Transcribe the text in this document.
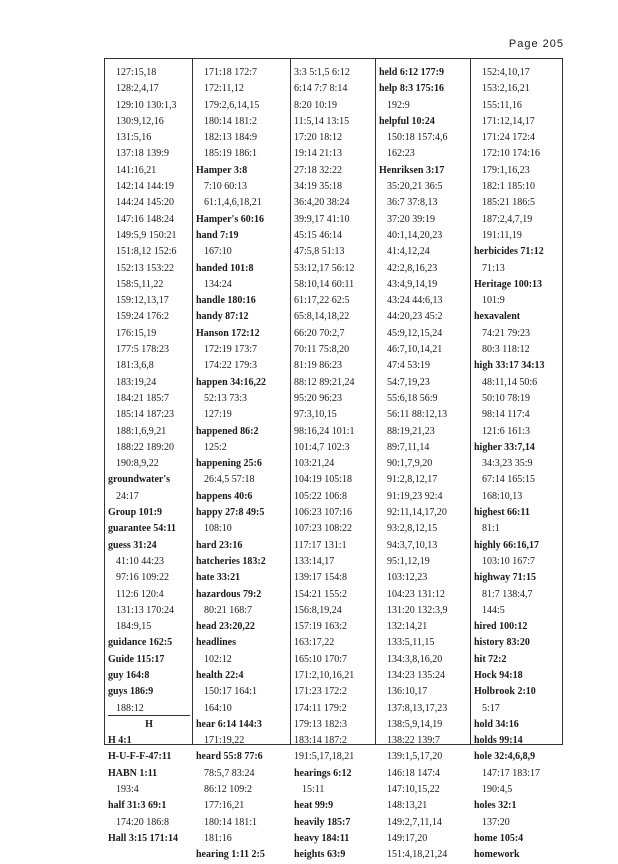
Page 205
127:15,18
128:2,4,17
129:10 130:1,3
130:9,12,16
131:5,16
137:18 139:9
141:16,21
142:14 144:19
144:24 145:20
147:16 148:24
149:5,9 150:21
151:8,12 152:6
152:13 153:22
158:5,11,22
159:12,13,17
159:24 176:2
176:15,19
177:5 178:23
181:3,6,8
183:19,24
184:21 185:7
185:14 187:23
188:1,6,9,21
188:22 189:20
190:8,9,22
groundwater's
24:17
Group 101:9
guarantee 54:11
guess 31:24
41:10 44:23
97:16 109:22
112:6 120:4
131:13 170:24
184:9,15
guidance 162:5
Guide 115:17
guy 164:8
guys 186:9
188:12
H
H 4:1
H-U-F-F-47:11
HABN 1:11
193:4
half 31:3 69:1
174:20 186:8
Hall 3:15 171:14
171:18 172:7
172:11,12
179:2,6,14,15
180:14 181:2
182:13 184:9
185:19 186:1
Hamper 3:8
7:10 60:13
61:1,4,6,18,21
Hamper's 60:16
hand 7:19
167:10
handed 101:8
134:24
handle 180:16
handy 87:12
Hanson 172:12
172:19 173:7
174:22 179:3
happen 34:16,22
52:13 73:3
127:19
happened 86:2
125:2
happening 25:6
26:4,5 57:18
happens 40:6
happy 27:8 49:5
108:10
hard 23:16
hatcheries 183:2
hate 33:21
hazardous 79:2
80:21 168:7
head 23:20,22
headlines
102:12
health 22:4
150:17 164:1
164:10
hear 6:14 144:3
171:19,22
heard 55:8 77:6
78:5,7 83:24
86:12 109:2
177:16,21
180:14 181:1
181:16
hearing 1:11 2:5
3:3 5:1,5 6:12
6:14 7:7 8:14
8:20 10:19
11:5,14 13:15
17:20 18:12
19:14 21:13
27:18 32:22
34:19 35:18
36:4,20 38:24
39:9,17 41:10
45:15 46:14
47:5,8 51:13
53:12,17 56:12
58:10,14 60:11
61:17,22 62:5
65:8,14,18,22
66:20 70:2,7
70:11 75:8,20
81:19 86:23
88:12 89:21,24
95:20 96:23
97:3,10,15
98:16,24 101:1
101:4,7 102:3
103:21,24
104:19 105:18
105:22 106:8
106:23 107:16
107:23 108:22
117:17 131:1
133:14,17
139:17 154:8
154:21 155:2
156:8,19,24
157:19 163:2
163:17,22
165:10 170:7
171:2,10,16,21
171:23 172:2
174:11 179:2
179:13 182:3
183:14 187:2
191:5,17,18,21
hearings 6:12
15:11
heat 99:9
heavily 185:7
heavy 184:11
heights 63:9
held 6:12 177:9
help 8:3 175:16
192:9
helpful 10:24
150:18 157:4,6
162:23
Henriksen 3:17
35:20,21 36:5
36:7 37:8,13
37:20 39:19
40:1,14,20,23
41:4,12,24
42:2,8,16,23
43:4,9,14,19
43:24 44:6,13
44:20,23 45:2
45:9,12,15,24
46:7,10,14,21
47:4 53:19
54:7,19,23
55:6,18 56:9
56:11 88:12,13
88:19,21,23
89:7,11,14
90:1,7,9,20
91:2,8,12,17
91:19,23 92:4
92:11,14,17,20
93:2,8,12,15
94:3,7,10,13
95:1,12,19
103:12,23
104:23 131:12
131:20 132:3,9
132:14,21
133:5,11,15
134:3,8,16,20
134:23 135:24
136:10,17
137:8,13,17,23
138:5,9,14,19
138:22 139:7
139:1,5,17,20
146:18 147:4
147:10,15,22
148:13,21
149:2,7,11,14
149:17,20
151:4,18,21,24
152:4,10,17
153:2,16,21
155:11,16
171:12,14,17
171:24 172:4
172:10 174:16
179:1,16,23
182:1 185:10
185:21 186:5
187:2,4,7,19
191:11,19
herbicides 71:12
71:13
Heritage 100:13
101:9
hexavalent
74:21 79:23
80:3 118:12
high 33:17 34:13
48:11,14 50:6
50:10 78:19
98:14 117:4
121:6 161:3
higher 33:7,14
34:3,23 35:9
67:14 165:15
168:10,13
highest 66:11
81:1
highly 66:16,17
103:10 167:7
highway 71:15
81:7 138:4,7
144:5
hired 100:12
history 83:20
hit 72:2
Hock 94:18
Holbrook 2:10
5:17
hold 34:16
holds 99:14
hole 32:4,6,8,9
147:17 183:17
190:4,5
holes 32:1
137:20
home 105:4
homework
